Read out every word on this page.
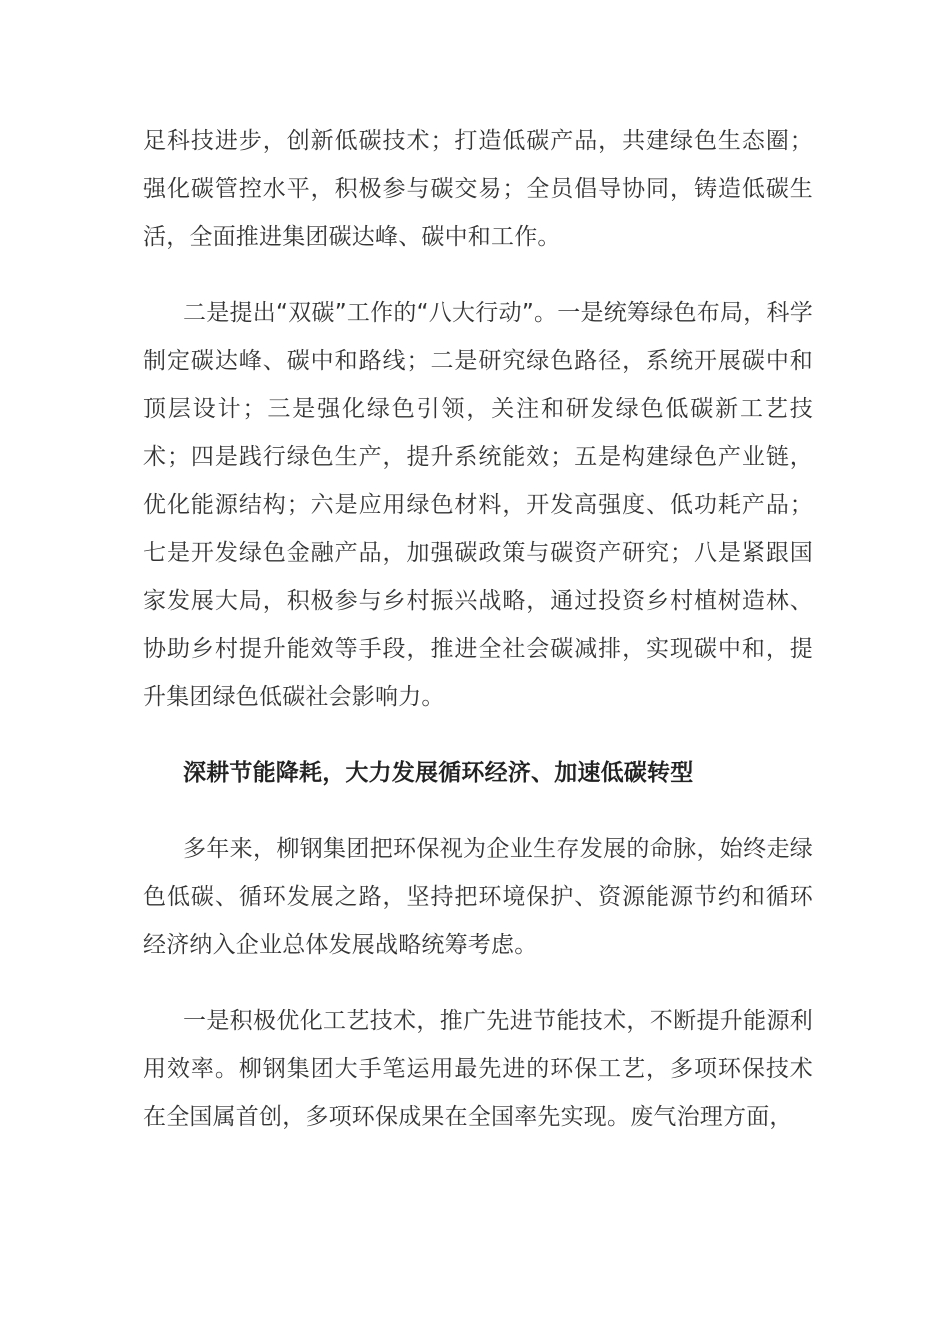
足科技进步，创新低碳技术；打造低碳产品，共建绿色生态圈；强化碳管控水平，积极参与碳交易；全员倡导协同，铸造低碳生活，全面推进集团碳达峰、碳中和工作。

二是提出“双碳”工作的“八大行动”。一是统筹绿色布局，科学制定碳达峰、碳中和路线；二是研究绿色路径，系统开展碳中和顶层设计；三是强化绿色引领，关注和研发绿色低碳新工艺技术；四是践行绿色生产，提升系统能效；五是构建绿色产业链，优化能源结构；六是应用绿色材料，开发高强度、低功耗产品；七是开发绿色金融产品，加强碳政策与碳资产研究；八是紧跟国家发展大局，积极参与乡村振兴战略，通过投资乡村植树造林、协助乡村提升能效等手段，推进全社会碳减排，实现碳中和，提升集团绿色低碳社会影响力。

深耕节能降耗，大力发展循环经济、加速低碳转型

多年来，柳钢集团把环保视为企业生存发展的命脉，始终走绿色低碳、循环发展之路，坚持把环境保护、资源能源节约和循环经济纳入企业总体发展战略统筹考虑。

一是积极优化工艺技术，推广先进节能技术，不断提升能源利用效率。柳钢集团大手笔运用最先进的环保工艺，多项环保技术在全国属首创，多项环保成果在全国率先实现。废气治理方面，
